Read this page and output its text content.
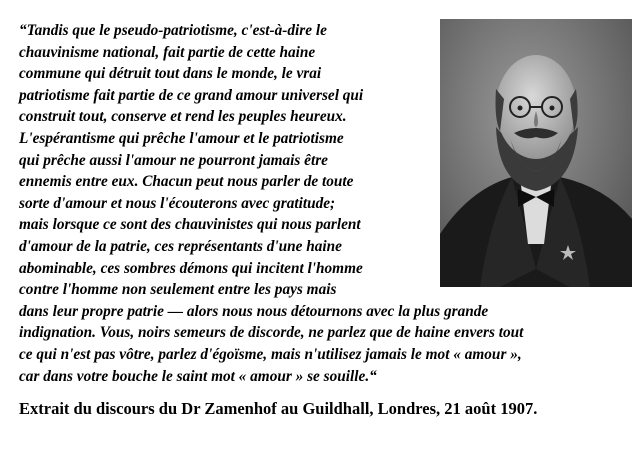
“Tandis que le pseudo-patriotisme, c'est-à-dire le
chauvinisme national, fait partie de cette haine
commune qui détruit tout dans le monde, le vrai
patriotisme fait partie de ce grand amour universel qui
construit tout, conserve et rend les peuples heureux.
L'espérantisme qui prêche l'amour et le patriotisme
qui prêche aussi l'amour ne pourront jamais être
ennemis entre eux. Chacun peut nous parler de toute
sorte d'amour et nous l'écouterons avec gratitude;
mais lorsque ce sont des chauvinistes qui nous parlent
d'amour de la patrie, ces représentants d'une haine
abominable, ces sombres démons qui incitent l'homme
contre l'homme non seulement entre les pays mais
dans leur propre patrie — alors nous nous détournons avec la plus grande
indignation. Vous, noirs semeurs de discorde, ne parlez que de haine envers tout
ce qui n'est pas vôtre, parlez d'égoïsme, mais n'utilisez jamais le mot « amour »,
car dans votre bouche le saint mot « amour » se souille.“
Extrait du discours du Dr Zamenhof au Guildhall, Londres, 21 août 1907.
